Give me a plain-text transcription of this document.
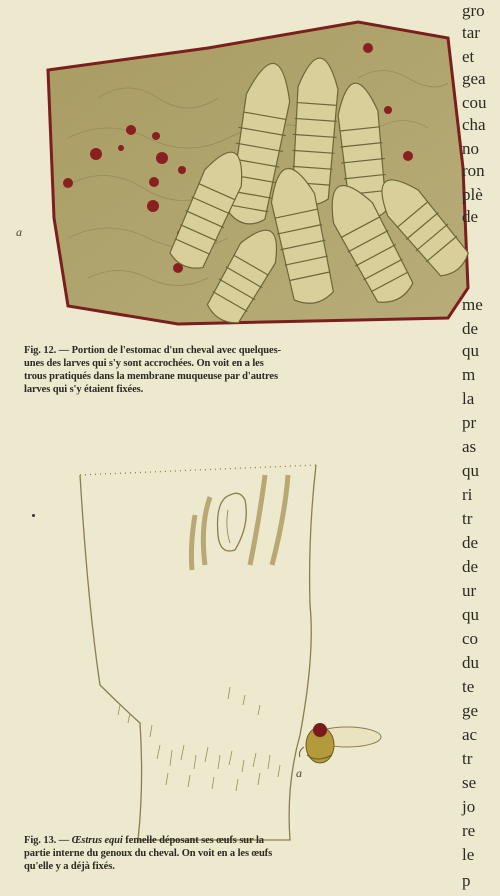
a
Fig. 12. — Portion de l'estomac d'un cheval avec quelques-
unes des larves qui s'y sont accrochées. On voit en a les
trous pratiqués dans la membrane muqueuse par d'autres
larves qui s'y étaient fixées.
a
Fig. 13. — Œstrus equi femelle déposant ses œufs sur la
partie interne du genoux du cheval. On voit en a les œufs
qu'elle y a déjà fixés.
gro
tar
et
gea
cou
cha
no
ron
plè
de
me
de
qu
m
la
pr
as
qu
ri
tr
de
de
ur
qu
co
du
te
ge
ac
tr
se
jo
re
le
p
